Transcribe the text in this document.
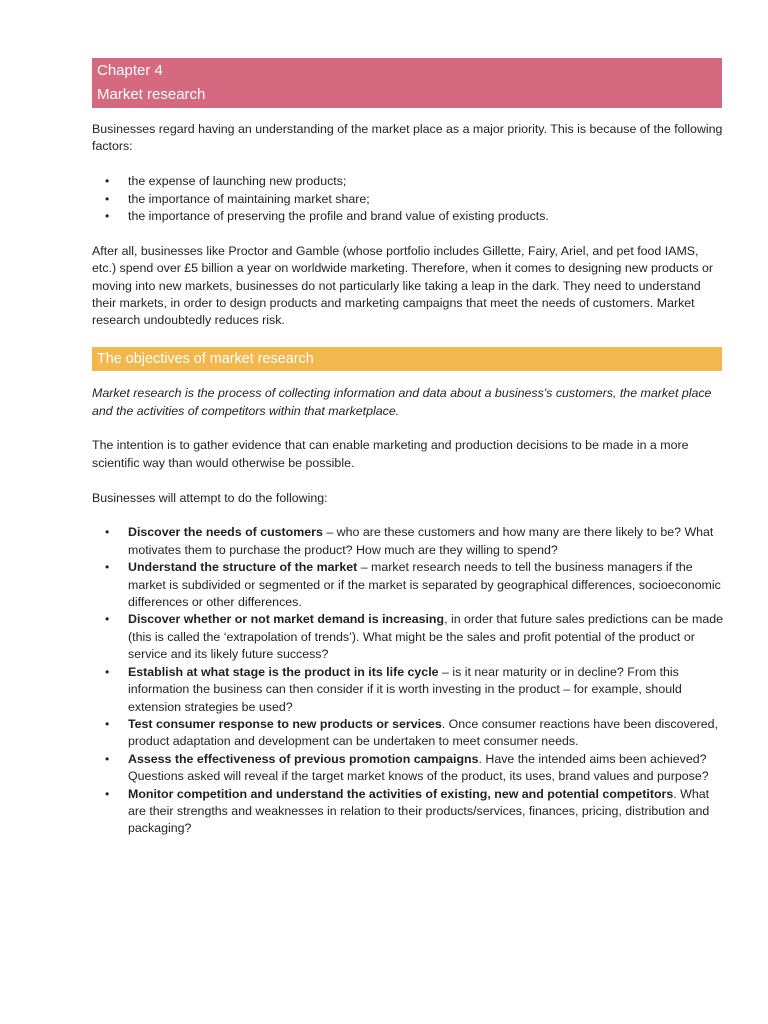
Chapter 4
Market research

Businesses regard having an understanding of the market place as a major priority. This is because of the following factors:

• the expense of launching new products;
• the importance of maintaining market share;
• the importance of preserving the profile and brand value of existing products.

After all, businesses like Proctor and Gamble (whose portfolio includes Gillette, Fairy, Ariel, and pet food IAMS, etc.) spend over £5 billion a year on worldwide marketing. Therefore, when it comes to designing new products or moving into new markets, businesses do not particularly like taking a leap in the dark. They need to understand their markets, in order to design products and marketing campaigns that meet the needs of customers. Market research undoubtedly reduces risk.

The objectives of market research

Market research is the process of collecting information and data about a business's customers, the market place and the activities of competitors within that marketplace.

The intention is to gather evidence that can enable marketing and production decisions to be made in a more scientific way than would otherwise be possible.

Businesses will attempt to do the following:

• Discover the needs of customers – who are these customers and how many are there likely to be? What motivates them to purchase the product? How much are they willing to spend?
• Understand the structure of the market – market research needs to tell the business managers if the market is subdivided or segmented or if the market is separated by geographical differences, socioeconomic differences or other differences.
• Discover whether or not market demand is increasing, in order that future sales predictions can be made (this is called the ‘extrapolation of trends’). What might be the sales and profit potential of the product or service and its likely future success?
• Establish at what stage is the product in its life cycle – is it near maturity or in decline? From this information the business can then consider if it is worth investing in the product – for example, should extension strategies be used?
• Test consumer response to new products or services. Once consumer reactions have been discovered, product adaptation and development can be undertaken to meet consumer needs.
• Assess the effectiveness of previous promotion campaigns. Have the intended aims been achieved? Questions asked will reveal if the target market knows of the product, its uses, brand values and purpose?
• Monitor competition and understand the activities of existing, new and potential competitors. What are their strengths and weaknesses in relation to their products/services, finances, pricing, distribution and packaging?
